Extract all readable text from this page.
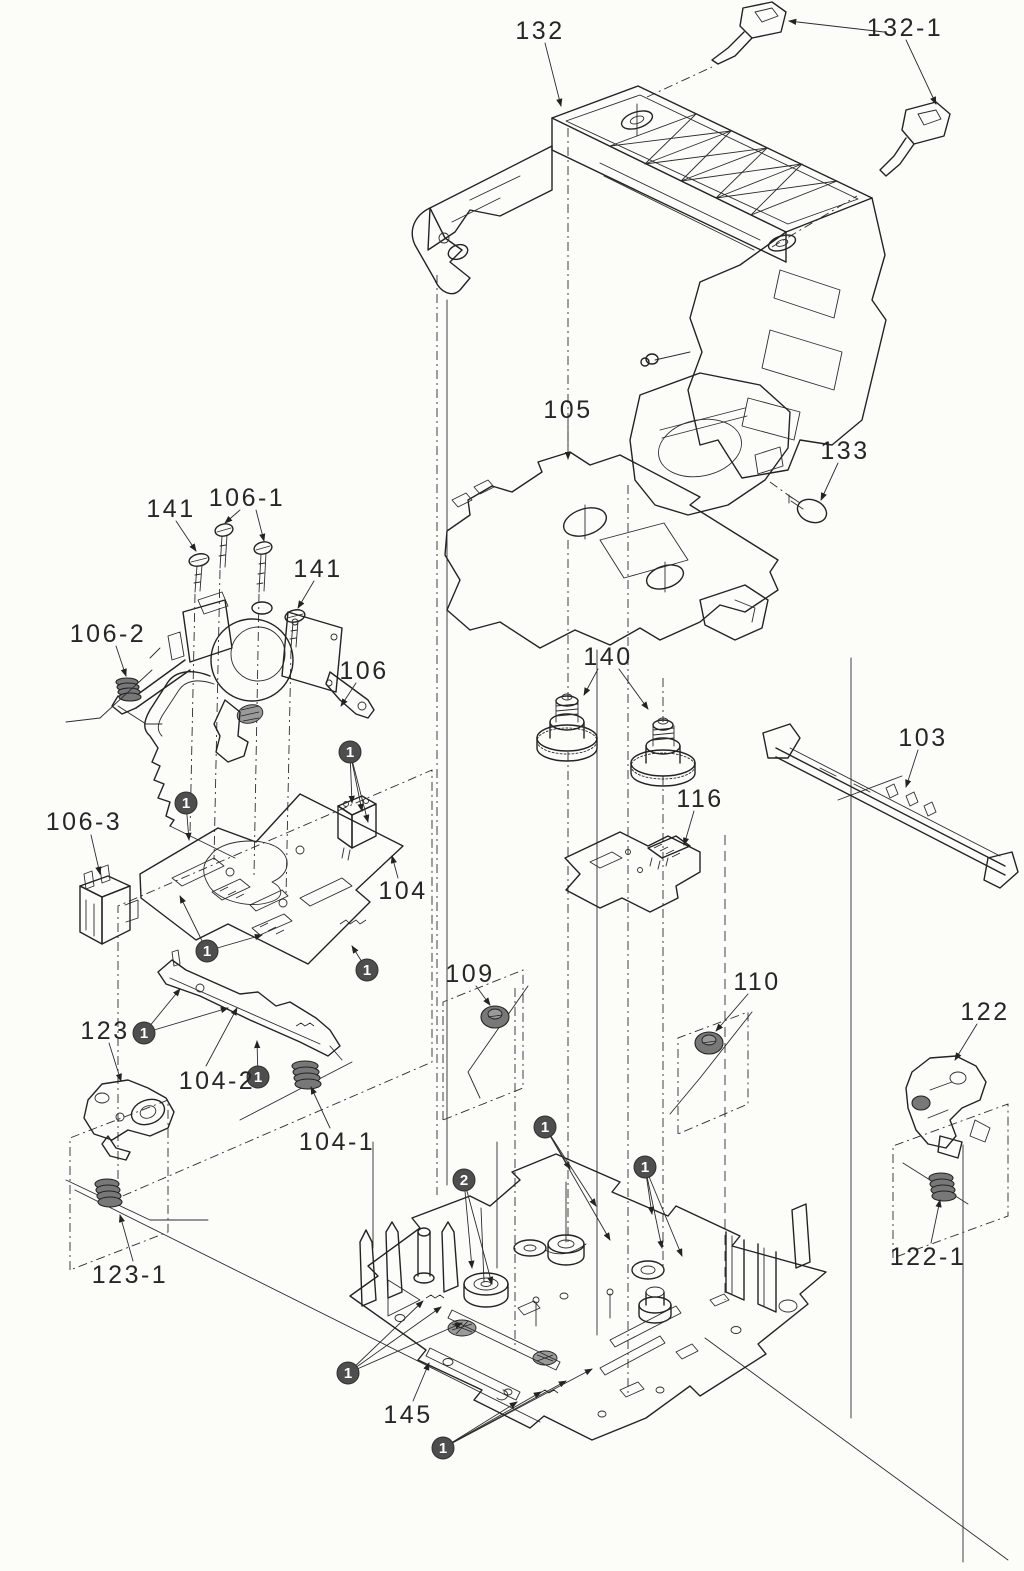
1
1
1
1
1
1
1
2
1
1
1
132	132-1
105
133
141 106-1
141
106-2
106
106-3
104
140
116
103
109	110
123
104-2
104-1
123-1
122
122-1
145
